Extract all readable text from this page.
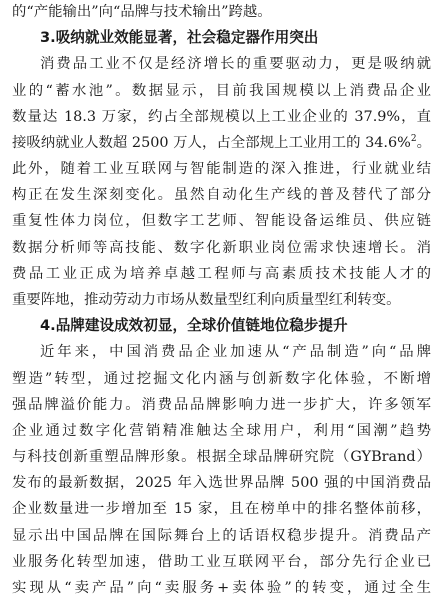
的“产能输出”向“品牌与技术输出”跨越。
3.吸纳就业效能显著，社会稳定器作用突出
消费品工业不仅是经济增长的重要驱动力，更是吸纳就
业的“蓄水池”。数据显示，目前我国规模以上消费品企业
数量达 18.3 万家，约占全部规模以上工业企业的 37.9%，直
接吸纳就业人数超 2500 万人，占全部规上工业用工的 34.6%$^2$。
此外，随着工业互联网与智能制造的深入推进，行业就业结
构正在发生深刻变化。虽然自动化生产线的普及替代了部分
重复性体力岗位，但数字工艺师、智能设备运维员、供应链
数据分析师等高技能、数字化新职业岗位需求快速增长。消
费品工业正成为培养卓越工程师与高素质技术技能人才的
重要阵地，推动劳动力市场从数量型红利向质量型红利转变。
4.品牌建设成效初显，全球价值链地位稳步提升
近年来，中国消费品企业加速从“产品制造”向“品牌
塑造”转型，通过挖掘文化内涵与创新数字化体验，不断增
强品牌溢价能力。消费品品牌影响力进一步扩大，许多领军
企业通过数字化营销精准触达全球用户，利用“国潮”趋势
与科技创新重塑品牌形象。根据全球品牌研究院（GYBrand）
发布的最新数据，2025 年入选世界品牌 500 强的中国消费品
企业数量进一步增加至 15 家，且在榜单中的排名整体前移，
显示出中国品牌在国际舞台上的话语权稳步提升。消费品产
业服务化转型加速，借助工业互联网平台，部分先行企业已
实现从“卖产品”向“卖服务+卖体验”的转变，通过全生
